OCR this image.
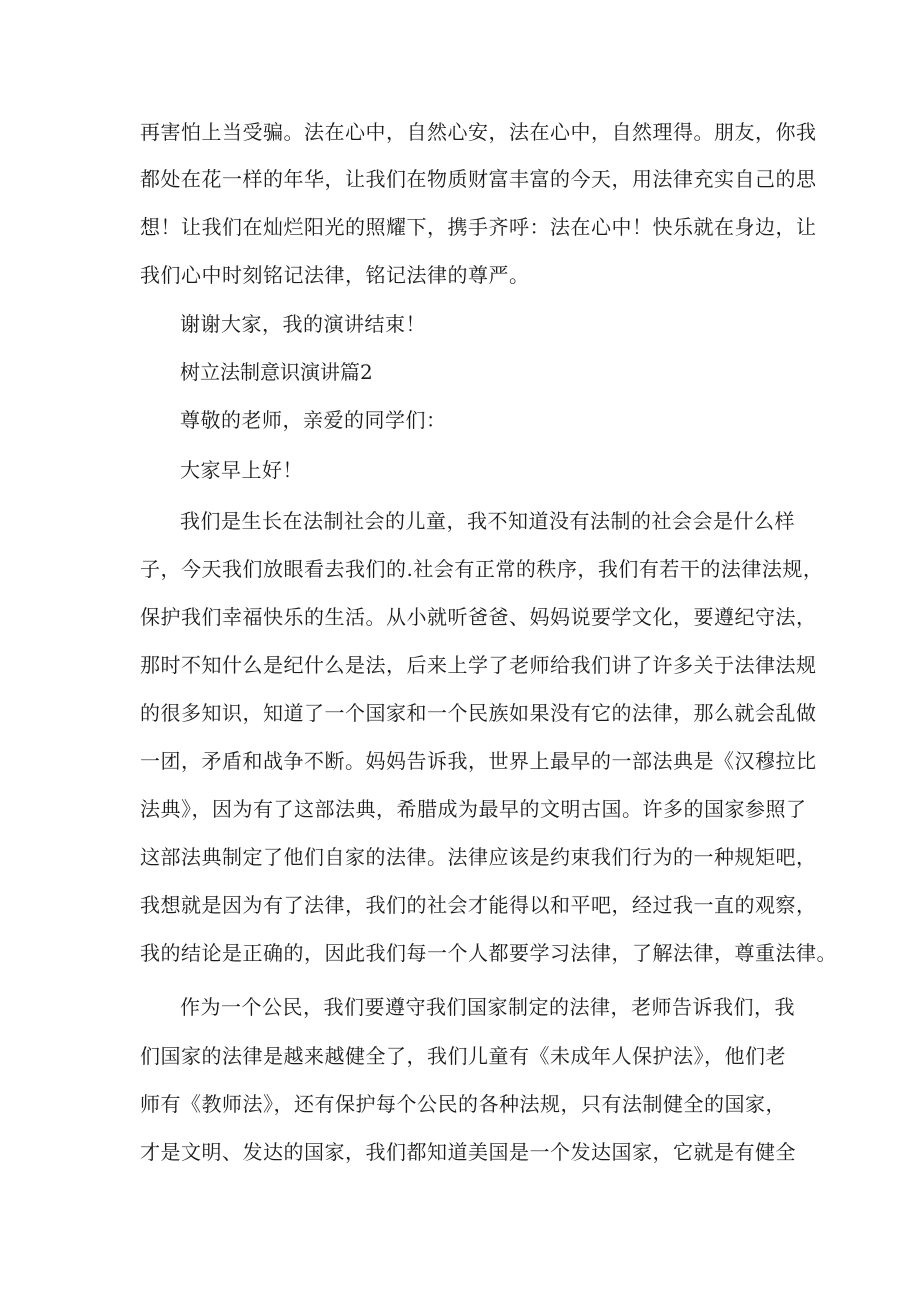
再害怕上当受骗。法在心中，自然心安，法在心中，自然理得。朋友，你我
都处在花一样的年华，让我们在物质财富丰富的今天，用法律充实自己的思
想！让我们在灿烂阳光的照耀下，携手齐呼：法在心中！快乐就在身边，让
我们心中时刻铭记法律，铭记法律的尊严。
谢谢大家，我的演讲结束！
树立法制意识演讲篇2
尊敬的老师，亲爱的同学们：
大家早上好！
我们是生长在法制社会的儿童，我不知道没有法制的社会会是什么样
子，今天我们放眼看去我们的.社会有正常的秩序，我们有若干的法律法规，
保护我们幸福快乐的生活。从小就听爸爸、妈妈说要学文化，要遵纪守法，
那时不知什么是纪什么是法，后来上学了老师给我们讲了许多关于法律法规
的很多知识，知道了一个国家和一个民族如果没有它的法律，那么就会乱做
一团，矛盾和战争不断。妈妈告诉我，世界上最早的一部法典是《汉穆拉比
法典》，因为有了这部法典，希腊成为最早的文明古国。许多的国家参照了
这部法典制定了他们自家的法律。法律应该是约束我们行为的一种规矩吧，
我想就是因为有了法律，我们的社会才能得以和平吧，经过我一直的观察，
我的结论是正确的，因此我们每一个人都要学习法律，了解法律，尊重法律。
作为一个公民，我们要遵守我们国家制定的法律，老师告诉我们，我
们国家的法律是越来越健全了，我们儿童有《未成年人保护法》，他们老
师有《教师法》，还有保护每个公民的各种法规，只有法制健全的国家，
才是文明、发达的国家，我们都知道美国是一个发达国家，它就是有健全
